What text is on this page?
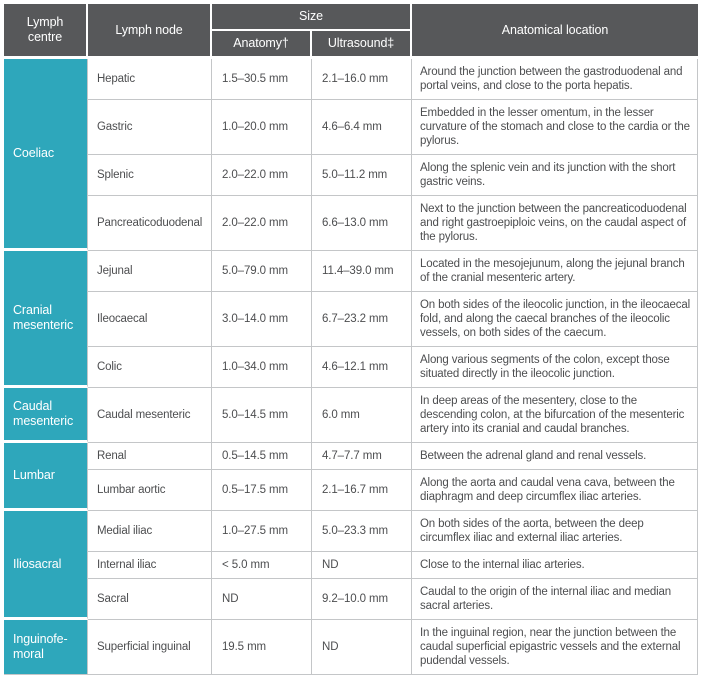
Lymph centre	Lymph node	Size		Anatomical location
		Anatomy†	Ultrasound‡	
Coeliac	Hepatic	1.5–30.5 mm	2.1–16.0 mm	Around the junction between the gastroduodenal and portal veins, and close to the porta hepatis.
	Gastric	1.0–20.0 mm	4.6–6.4 mm	Embedded in the lesser omentum, in the lesser curvature of the stomach and close to the cardia or the pylorus.
	Splenic	2.0–22.0 mm	5.0–11.2 mm	Along the splenic vein and its junction with the short gastric veins.
	Pancreaticoduodenal	2.0–22.0 mm	6.6–13.0 mm	Next to the junction between the pancreaticoduodenal and right gastroepiploic veins, on the caudal aspect of the pylorus.
Cranial mesenteric	Jejunal	5.0–79.0 mm	11.4–39.0 mm	Located in the mesojejunum, along the jejunal branch of the cranial mesenteric artery.
	Ileocaecal	3.0–14.0 mm	6.7–23.2 mm	On both sides of the ileocolic junction, in the ileocaecal fold, and along the caecal branches of the ileocolic vessels, on both sides of the caecum.
	Colic	1.0–34.0 mm	4.6–12.1 mm	Along various segments of the colon, except those situated directly in the ileocolic junction.
Caudal mesenteric	Caudal mesenteric	5.0–14.5 mm	6.0 mm	In deep areas of the mesentery, close to the descending colon, at the bifurcation of the mesenteric artery into its cranial and caudal branches.
Lumbar	Renal	0.5–14.5 mm	4.7–7.7 mm	Between the adrenal gland and renal vessels.
	Lumbar aortic	0.5–17.5 mm	2.1–16.7 mm	Along the aorta and caudal vena cava, between the diaphragm and deep circumflex iliac arteries.
Iliosacral	Medial iliac	1.0–27.5 mm	5.0–23.3 mm	On both sides of the aorta, between the deep circumflex iliac and external iliac arteries.
	Internal iliac	< 5.0 mm	ND	Close to the internal iliac arteries.
	Sacral	ND	9.2–10.0 mm	Caudal to the origin of the internal iliac and median sacral arteries.
Inguinofe-moral	Superficial inguinal	19.5 mm	ND	In the inguinal region, near the junction between the caudal superficial epigastric vessels and the external pudendal vessels.
